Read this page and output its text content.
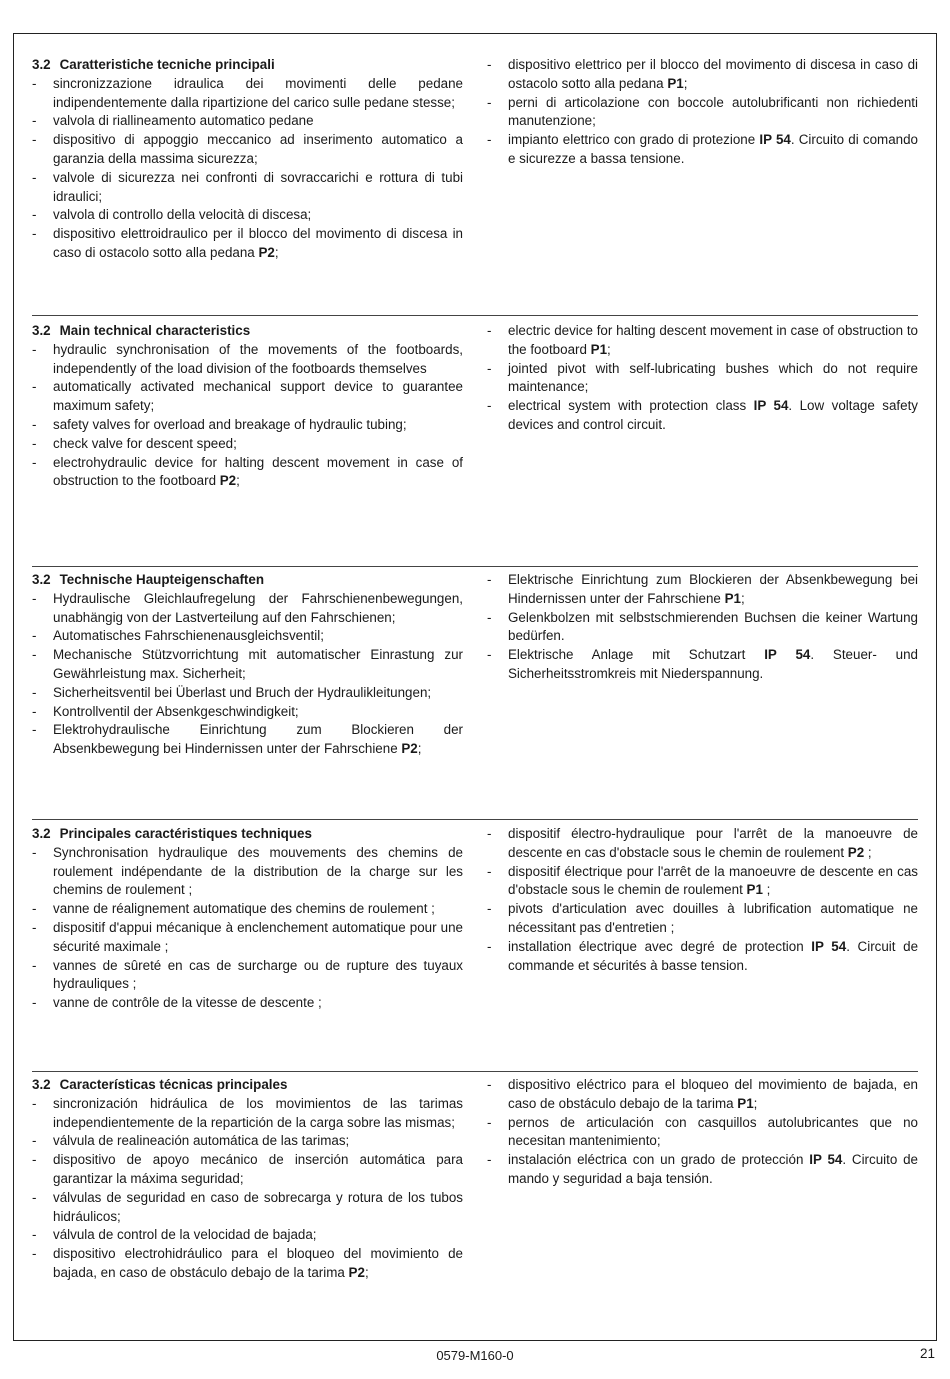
3.2 Caratteristiche tecniche principali
- sincronizzazione idraulica dei movimenti delle pedane indipendentemente dalla ripartizione del carico sulle pedane stesse;
- valvola di riallineamento automatico pedane
- dispositivo di appoggio meccanico ad inserimento automatico a garanzia della massima sicurezza;
- valvole di sicurezza nei confronti di sovraccarichi e rottura di tubi idraulici;
- valvola di controllo della velocità di discesa;
- dispositivo elettroidraulico per il blocco del movimento di discesa in caso di ostacolo sotto alla pedana P2;
- dispositivo elettrico per il blocco del movimento di discesa in caso di ostacolo sotto alla pedana P1;
- perni di articolazione con boccole autolubrificanti non richiedenti manutenzione;
- impianto elettrico con grado di protezione IP 54. Circuito di comando e sicurezze a bassa tensione.
3.2 Main technical characteristics
- hydraulic synchronisation of the movements of the footboards, independently of the load division of the footboards themselves
- automatically activated mechanical support device to guarantee maximum safety;
- safety valves for overload and breakage of hydraulic tubing;
- check valve for descent speed;
- electrohydraulic device for halting descent movement in case of obstruction to the footboard P2;
- electric device for halting descent movement in case of obstruction to the footboard P1;
- jointed pivot with self-lubricating bushes which do not require maintenance;
- electrical system with protection class IP 54. Low voltage safety devices and control circuit.
3.2 Technische Haupteigenschaften
- Hydraulische Gleichlaufregelung der Fahrschienenbewegungen, unabhängig von der Lastverteilung auf den Fahrschienen;
- Automatisches Fahrschienenausgleichsventil;
- Mechanische Stützvorrichtung mit automatischer Einrastung zur Gewährleistung max. Sicherheit;
- Sicherheitsventil bei Überlast und Bruch der Hydraulikleitungen;
- Kontrollventil der Absenkgeschwindigkeit;
- Elektrohydraulische Einrichtung zum Blockieren der Absenkbewegung bei Hindernissen unter der Fahrschiene P2;
- Elektrische Einrichtung zum Blockieren der Absenkbewegung bei Hindernissen unter der Fahrschiene P1;
- Gelenkbolzen mit selbstschmierenden Buchsen die keiner Wartung bedürfen.
- Elektrische Anlage mit Schutzart IP 54. Steuer- und Sicherheitsstromkreis mit Niederspannung.
3.2 Principales caractéristiques techniques
- Synchronisation hydraulique des mouvements des chemins de roulement indépendante de la distribution de la charge sur les chemins de roulement ;
- vanne de réalignement automatique des chemins de roulement ;
- dispositif d'appui mécanique à enclenchement automatique pour une sécurité maximale ;
- vannes de sûreté en cas de surcharge ou de rupture des tuyaux hydrauliques ;
- vanne de contrôle de la vitesse de descente ;
- dispositif électro-hydraulique pour l'arrêt de la manoeuvre de descente en cas d'obstacle sous le chemin de roulement P2 ;
- dispositif électrique pour l'arrêt de la manoeuvre de descente en cas d'obstacle sous le chemin de roulement P1 ;
- pivots d'articulation avec douilles à lubrification automatique ne nécessitant pas d'entretien ;
- installation électrique avec degré de protection IP 54. Circuit de commande et sécurités à basse tension.
3.2 Características técnicas principales
- sincronización hidráulica de los movimientos de las tarimas independientemente de la repartición de la carga sobre las mismas;
- válvula de realineación automática de las tarimas;
- dispositivo de apoyo mecánico de inserción automática para garantizar la máxima seguridad;
- válvulas de seguridad en caso de sobrecarga y rotura de los tubos hidráulicos;
- válvula de control de la velocidad de bajada;
- dispositivo electrohidráulico para el bloqueo del movimiento de bajada, en caso de obstáculo debajo de la tarima P2;
- dispositivo eléctrico para el bloqueo del movimiento de bajada, en caso de obstáculo debajo de la tarima P1;
- pernos de articulación con casquillos autolubricantes que no necesitan mantenimiento;
- instalación eléctrica con un grado de protección IP 54. Circuito de mando y seguridad a baja tensión.
0579-M160-0	21
